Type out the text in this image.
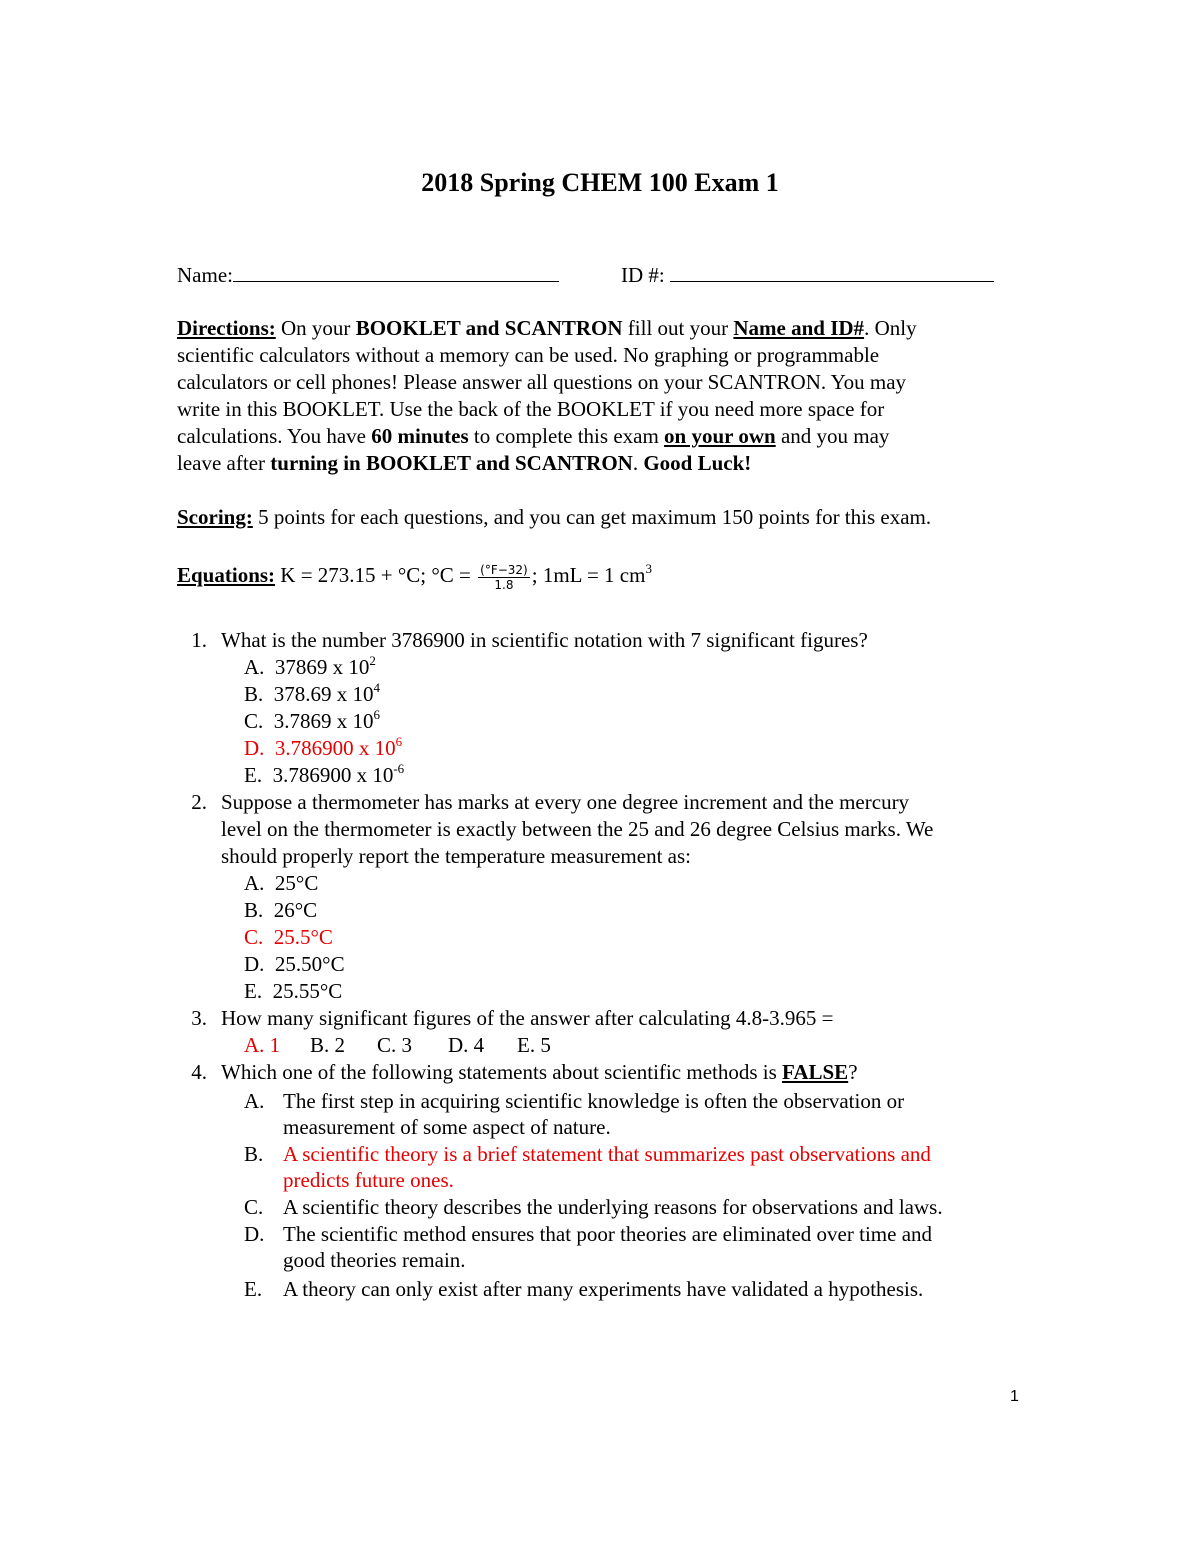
2018 Spring CHEM 100 Exam 1
Name:	ID #:
Directions: On your BOOKLET and SCANTRON fill out your Name and ID#. Only
scientific calculators without a memory can be used. No graphing or programmable
calculators or cell phones! Please answer all questions on your SCANTRON. You may
write in this BOOKLET. Use the back of the BOOKLET if you need more space for
calculations. You have 60 minutes to complete this exam on your own and you may
leave after turning in BOOKLET and SCANTRON. Good Luck!
Scoring: 5 points for each questions, and you can get maximum 150 points for this exam.
Equations: K = 273.15 + °C; $^\circ C = \frac{(^\circ F-32)}{1.8}$ ; 1mL = 1 $cm^3$
1. What is the number 3786900 in scientific notation with 7 significant figures?
A. 37869 x $10^2$
B. 378.69 x $10^4$
C. 3.7869 x $10^6$
D. 3.786900 x $10^6$
E. 3.786900 x $10^{-6}$
2. Suppose a thermometer has marks at every one degree increment and the mercury
level on the thermometer is exactly between the 25 and 26 degree Celsius marks. We
should properly report the temperature measurement as:
A. 25°C
B. 26°C
C. 25.5°C
D. 25.50°C
E. 25.55°C
3. How many significant figures of the answer after calculating 4.8-3.965 =
A. 1 B. 2 C. 3 D. 4 E. 5
4. Which one of the following statements about scientific methods is FALSE?
A. The first step in acquiring scientific knowledge is often the observation or
measurement of some aspect of nature.
B. A scientific theory is a brief statement that summarizes past observations and
predicts future ones.
C. A scientific theory describes the underlying reasons for observations and laws.
D. The scientific method ensures that poor theories are eliminated over time and
good theories remain.
E. A theory can only exist after many experiments have validated a hypothesis.
1
